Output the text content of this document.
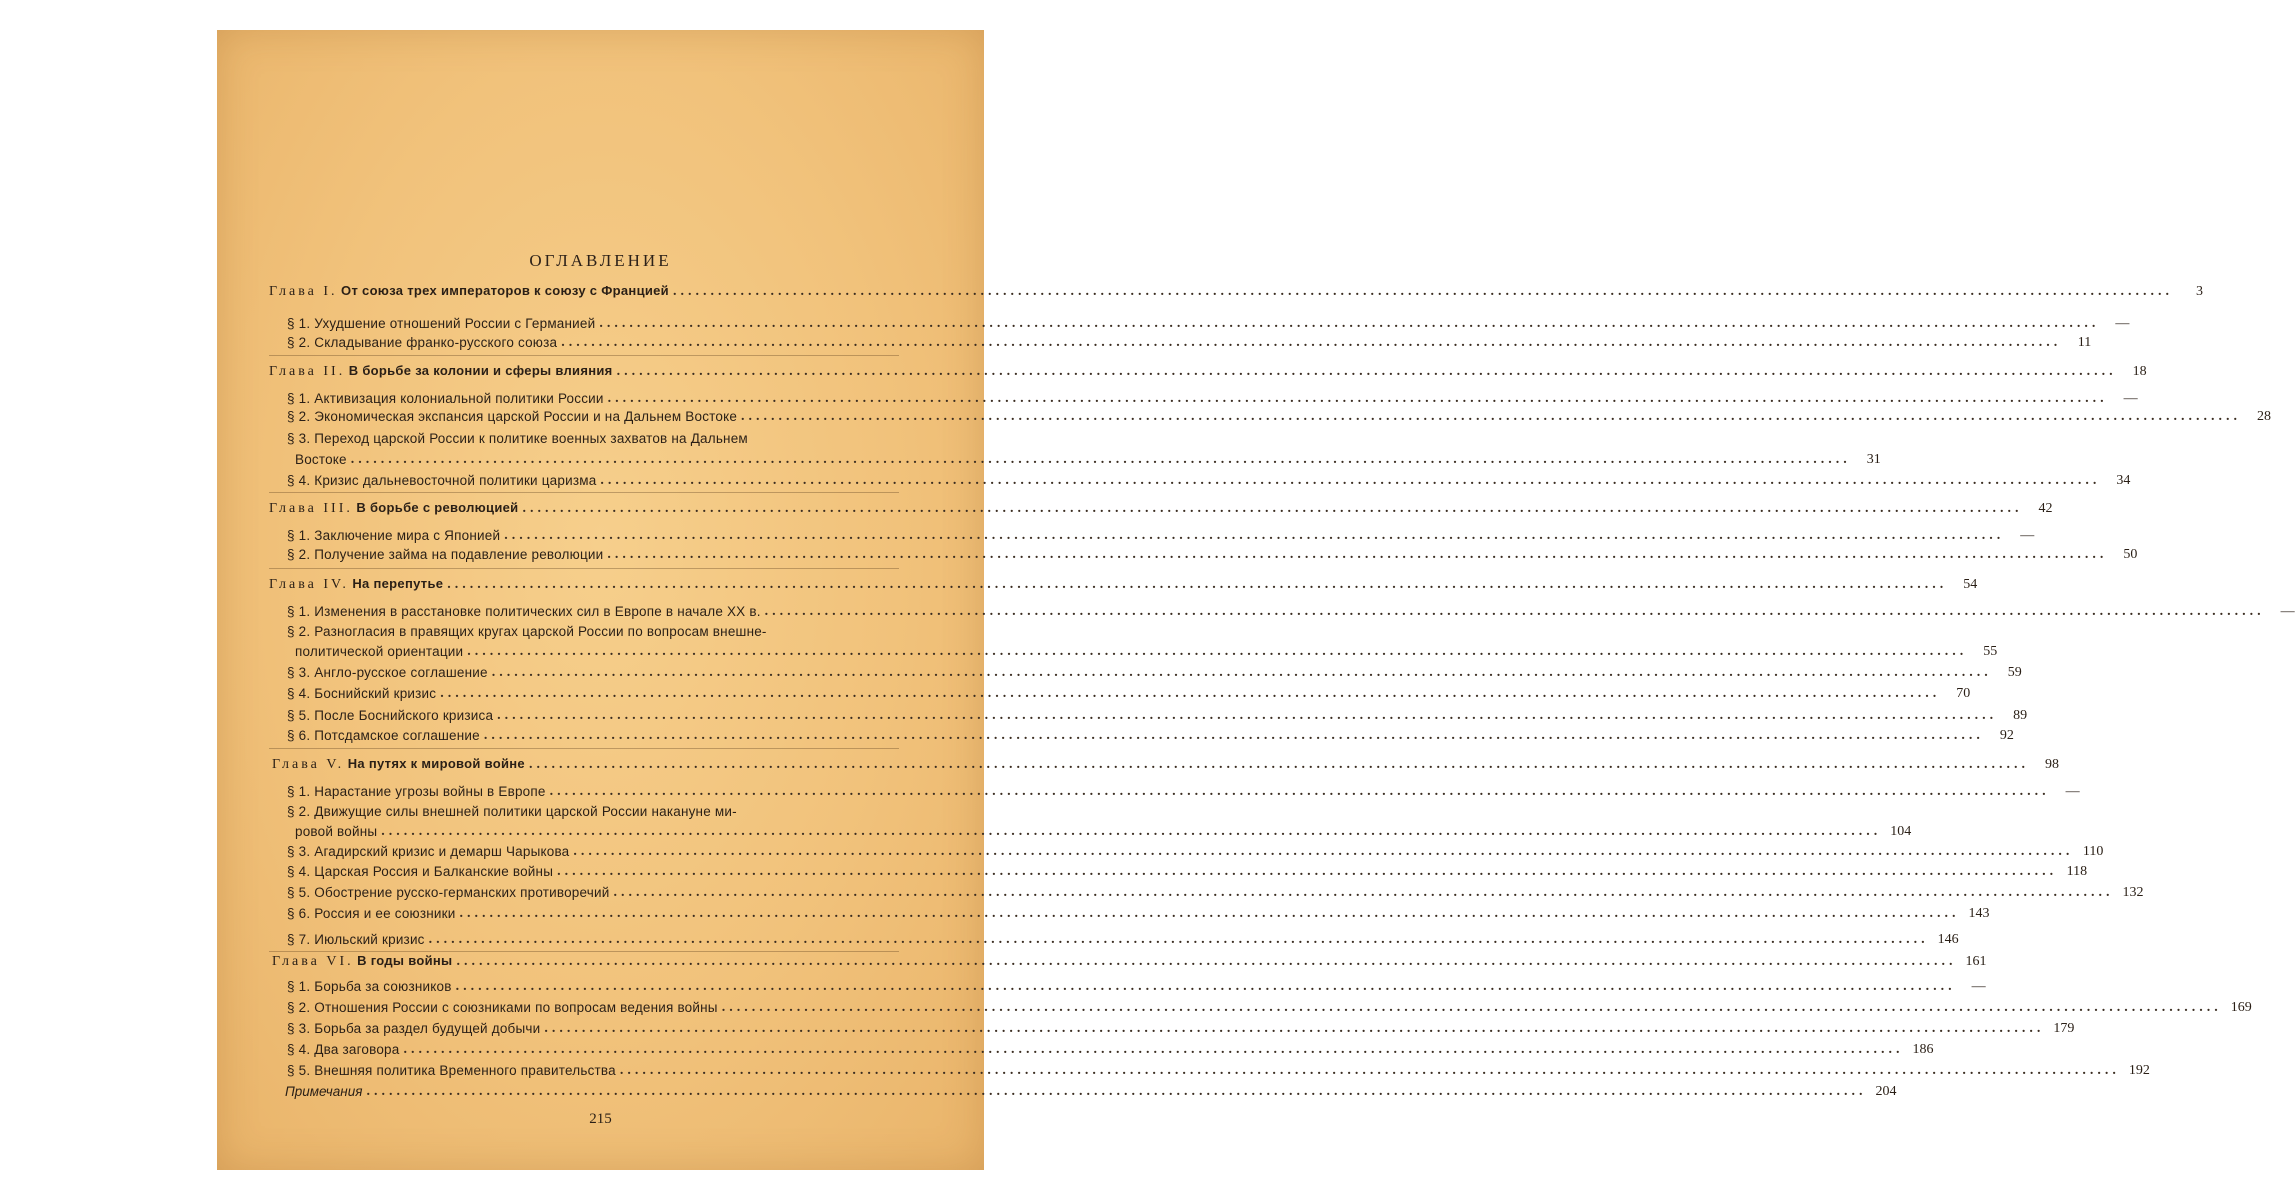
ОГЛАВЛЕНИЕ
Глава I. От союза трех императоров к союзу с Францией ........................................................................................................................................................................................................	3
§ 1. Ухудшение отношений России с Германией ........................................................................................................................................................................................................	—
§ 2. Складывание франко-русского союза ........................................................................................................................................................................................................	11
Глава II. В борьбе за колонии и сферы влияния ........................................................................................................................................................................................................	18
§ 1. Активизация колониальной политики России ........................................................................................................................................................................................................	—
§ 2. Экономическая экспансия царской России и на Дальнем Востоке ........................................................................................................................................................................................................	28
§ 3. Переход царской России к политике военных захватов на Дальнем
Востоке ........................................................................................................................................................................................................	31
§ 4. Кризис дальневосточной политики царизма ........................................................................................................................................................................................................	34
Глава III. В борьбе с революцией ........................................................................................................................................................................................................	42
§ 1. Заключение мира с Японией ........................................................................................................................................................................................................	—
§ 2. Получение займа на подавление революции ........................................................................................................................................................................................................	50
Глава IV. На перепутье ........................................................................................................................................................................................................	54
§ 1. Изменения в расстановке политических сил в Европе в начале XX в. ........................................................................................................................................................................................................	—
§ 2. Разногласия в правящих кругах царской России по вопросам внешне-
политической ориентации ........................................................................................................................................................................................................	55
§ 3. Англо-русское соглашение ........................................................................................................................................................................................................	59
§ 4. Боснийский кризис ........................................................................................................................................................................................................	70
§ 5. После Боснийского кризиса ........................................................................................................................................................................................................	89
§ 6. Потсдамское соглашение ........................................................................................................................................................................................................	92
Глава V. На путях к мировой войне ........................................................................................................................................................................................................	98
§ 1. Нарастание угрозы войны в Европе ........................................................................................................................................................................................................	—
§ 2. Движущие силы внешней политики царской России накануне ми-
ровой войны ........................................................................................................................................................................................................ 104
§ 3. Агадирский кризис и демарш Чарыкова ........................................................................................................................................................................................................ 110
§ 4. Царская Россия и Балканские войны ........................................................................................................................................................................................................ 118
§ 5. Обострение русско-германских противоречий ........................................................................................................................................................................................................ 132
§ 6. Россия и ее союзники ........................................................................................................................................................................................................ 143
§ 7. Июльский кризис ........................................................................................................................................................................................................ 146
Глава VI. В годы войны ........................................................................................................................................................................................................ 161
§ 1. Борьба за союзников ........................................................................................................................................................................................................	—
§ 2. Отношения России с союзниками по вопросам ведения войны ........................................................................................................................................................................................................ 169
§ 3. Борьба за раздел будущей добычи ........................................................................................................................................................................................................ 179
§ 4. Два заговора ........................................................................................................................................................................................................ 186
§ 5. Внешняя политика Временного правительства ........................................................................................................................................................................................................ 192
Примечания ........................................................................................................................................................................................................ 204
215
